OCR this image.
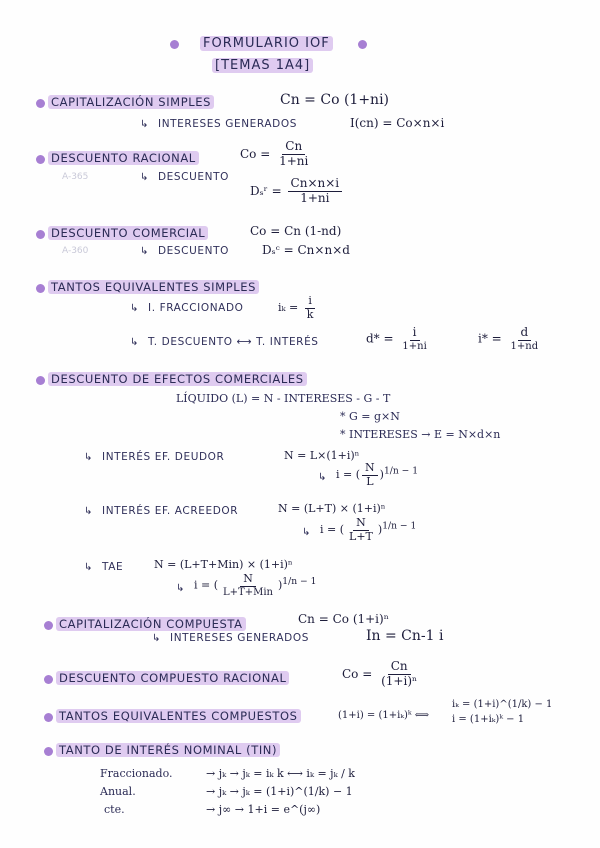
FORMULARIO IOF
[TEMAS 1A4]
CAPITALIZACIÓN SIMPLES	Cn = Co (1+ni)
↳ INTERESES GENERADOS	I(cn) = Co×n×i
DESCUENTO RACIONAL	$Co = \frac{Cn}{1+ni}$
A-365	↳ DESCUENTO
Dₛʳ = $\frac{Cn\times n\times i}{1+ni}$
DESCUENTO COMERCIAL	Co = Cn (1-nd)
A-360	↳ DESCUENTO	Dₛᶜ = Cn×n×d
TANTOS EQUIVALENTES SIMPLES
↳ I. FRACCIONADO	$i_k = \frac{i}{k}$
↳ T. DESCUENTO ⟷ T. INTERÉS	$d* = \frac{i}{1+ni}$	$i* = \frac{d}{1+nd}$
DESCUENTO DE EFECTOS COMERCIALES
LÍQUIDO (L) = N - INTERESES - G - T
* G = g×N
* INTERESES → E = N×d×n
↳ INTERÉS EF. DEUDOR	N = L×(1+i)ⁿ
↳ i = ( $\frac{N}{L} )^{1/n - 1}$
↳ INTERÉS EF. ACREEDOR	N = (L+T) × (1+i)ⁿ
↳ i = ( $\frac{N}{L+T} )^{1/n - 1}$
↳ TAE	N = (L+T+Min) × (1+i)ⁿ
↳ i = ( $\frac{N}{\text{L+T+Min}} )^{1/n - 1}$
CAPITALIZACIÓN COMPUESTA	Cn = Co (1+i)ⁿ
↳ INTERESES GENERADOS	In = Cn-1 i
DESCUENTO COMPUESTO RACIONAL	$Co = \frac{Cn}{\text{(1+i)ⁿ}}$
TANTOS EQUIVALENTES COMPUESTOS	(1+i) = (1+iₖ)ᵏ ⟺
iₖ = (1+i)^(1/k) − 1
i = (1+iₖ)ᵏ − 1
TANTO DE INTERÉS NOMINAL (TIN)
Fraccionado.	→ jₖ → jₖ = iₖ k ⟷ iₖ = jₖ / k
Anual.	→ jₖ → jₖ = (1+i)^(1/k) − 1
cte.	→ j∞ → 1+i = e^(j∞)
